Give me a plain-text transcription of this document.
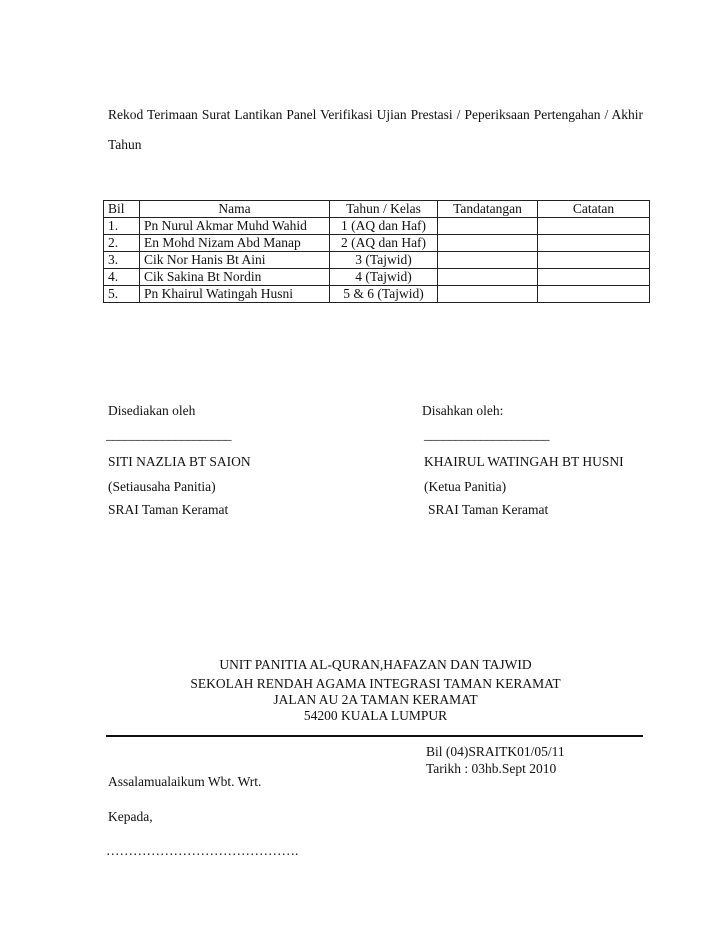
Rekod Terimaan Surat Lantikan Panel Verifikasi Ujian Prestasi / Peperiksaan Pertengahan / Akhir Tahun
Bil	Nama	Tahun / Kelas	Tandatangan	Catatan
1.	Pn Nurul Akmar Muhd Wahid	1 (AQ dan Haf)		
2.	En Mohd Nizam Abd Manap	2 (AQ dan Haf)		
3.	Cik Nor Hanis Bt Aini	3 (Tajwid)		
4.	Cik Sakina Bt Nordin	4 (Tajwid)		
5.	Pn Khairul Watingah Husni	5 & 6 (Tajwid)		
Disediakan oleh
____________________
SITI NAZLIA BT SAION
(Setiausaha Panitia)
SRAI Taman Keramat
Disahkan oleh:
____________________
KHAIRUL WATINGAH BT HUSNI
(Ketua Panitia)
SRAI Taman Keramat
UNIT PANITIA AL-QURAN,HAFAZAN DAN TAJWID
SEKOLAH RENDAH AGAMA INTEGRASI TAMAN KERAMAT
JALAN AU 2A TAMAN KERAMAT
54200 KUALA LUMPUR
Bil (04)SRAITK01/05/11
Tarikh : 03hb.Sept 2010
Assalamualaikum Wbt. Wrt.
Kepada,
…………………………………….
